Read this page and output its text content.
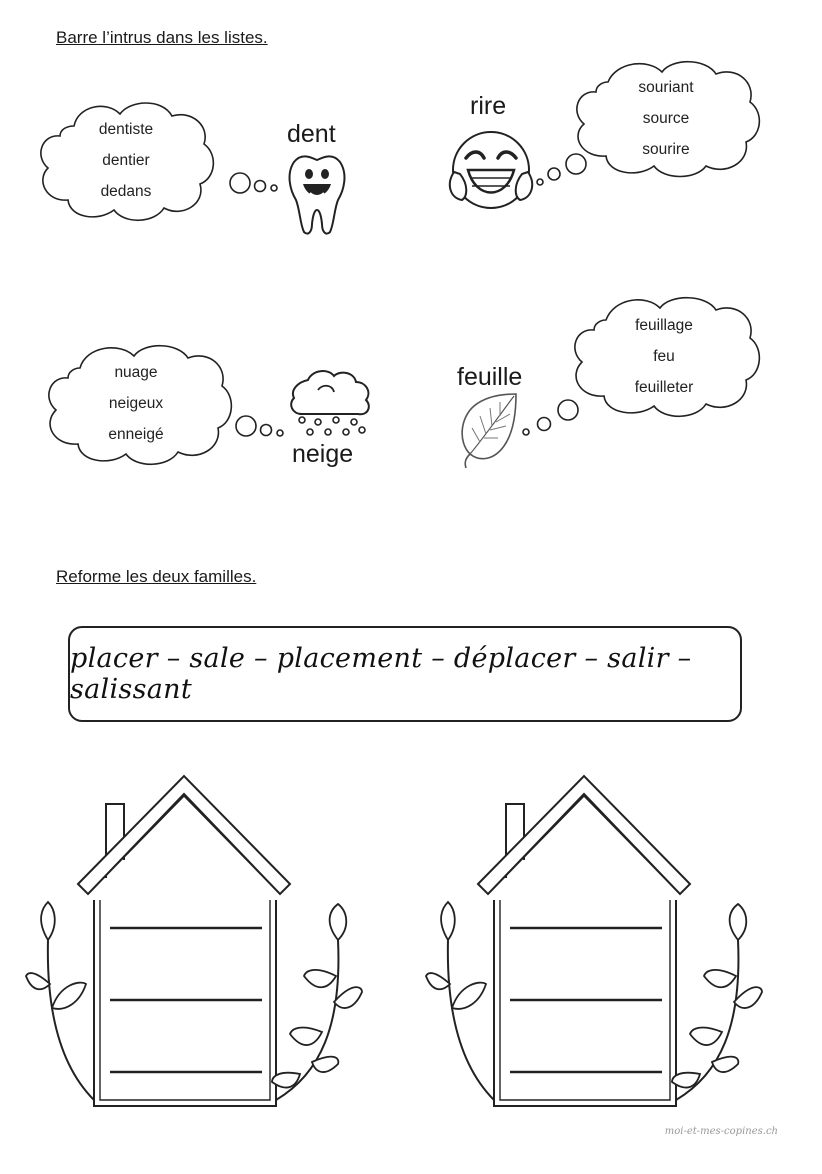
Barre l’intrus dans les listes.
dentiste
dentier
dedans
dent
rire
souriant
source
sourire
nuage
neigeux
enneigé
neige
feuille
feuillage
feu
feuilleter
Reforme les deux familles.
placer – sale – placement – déplacer – salir – salissant
moi-et-mes-copines.ch
